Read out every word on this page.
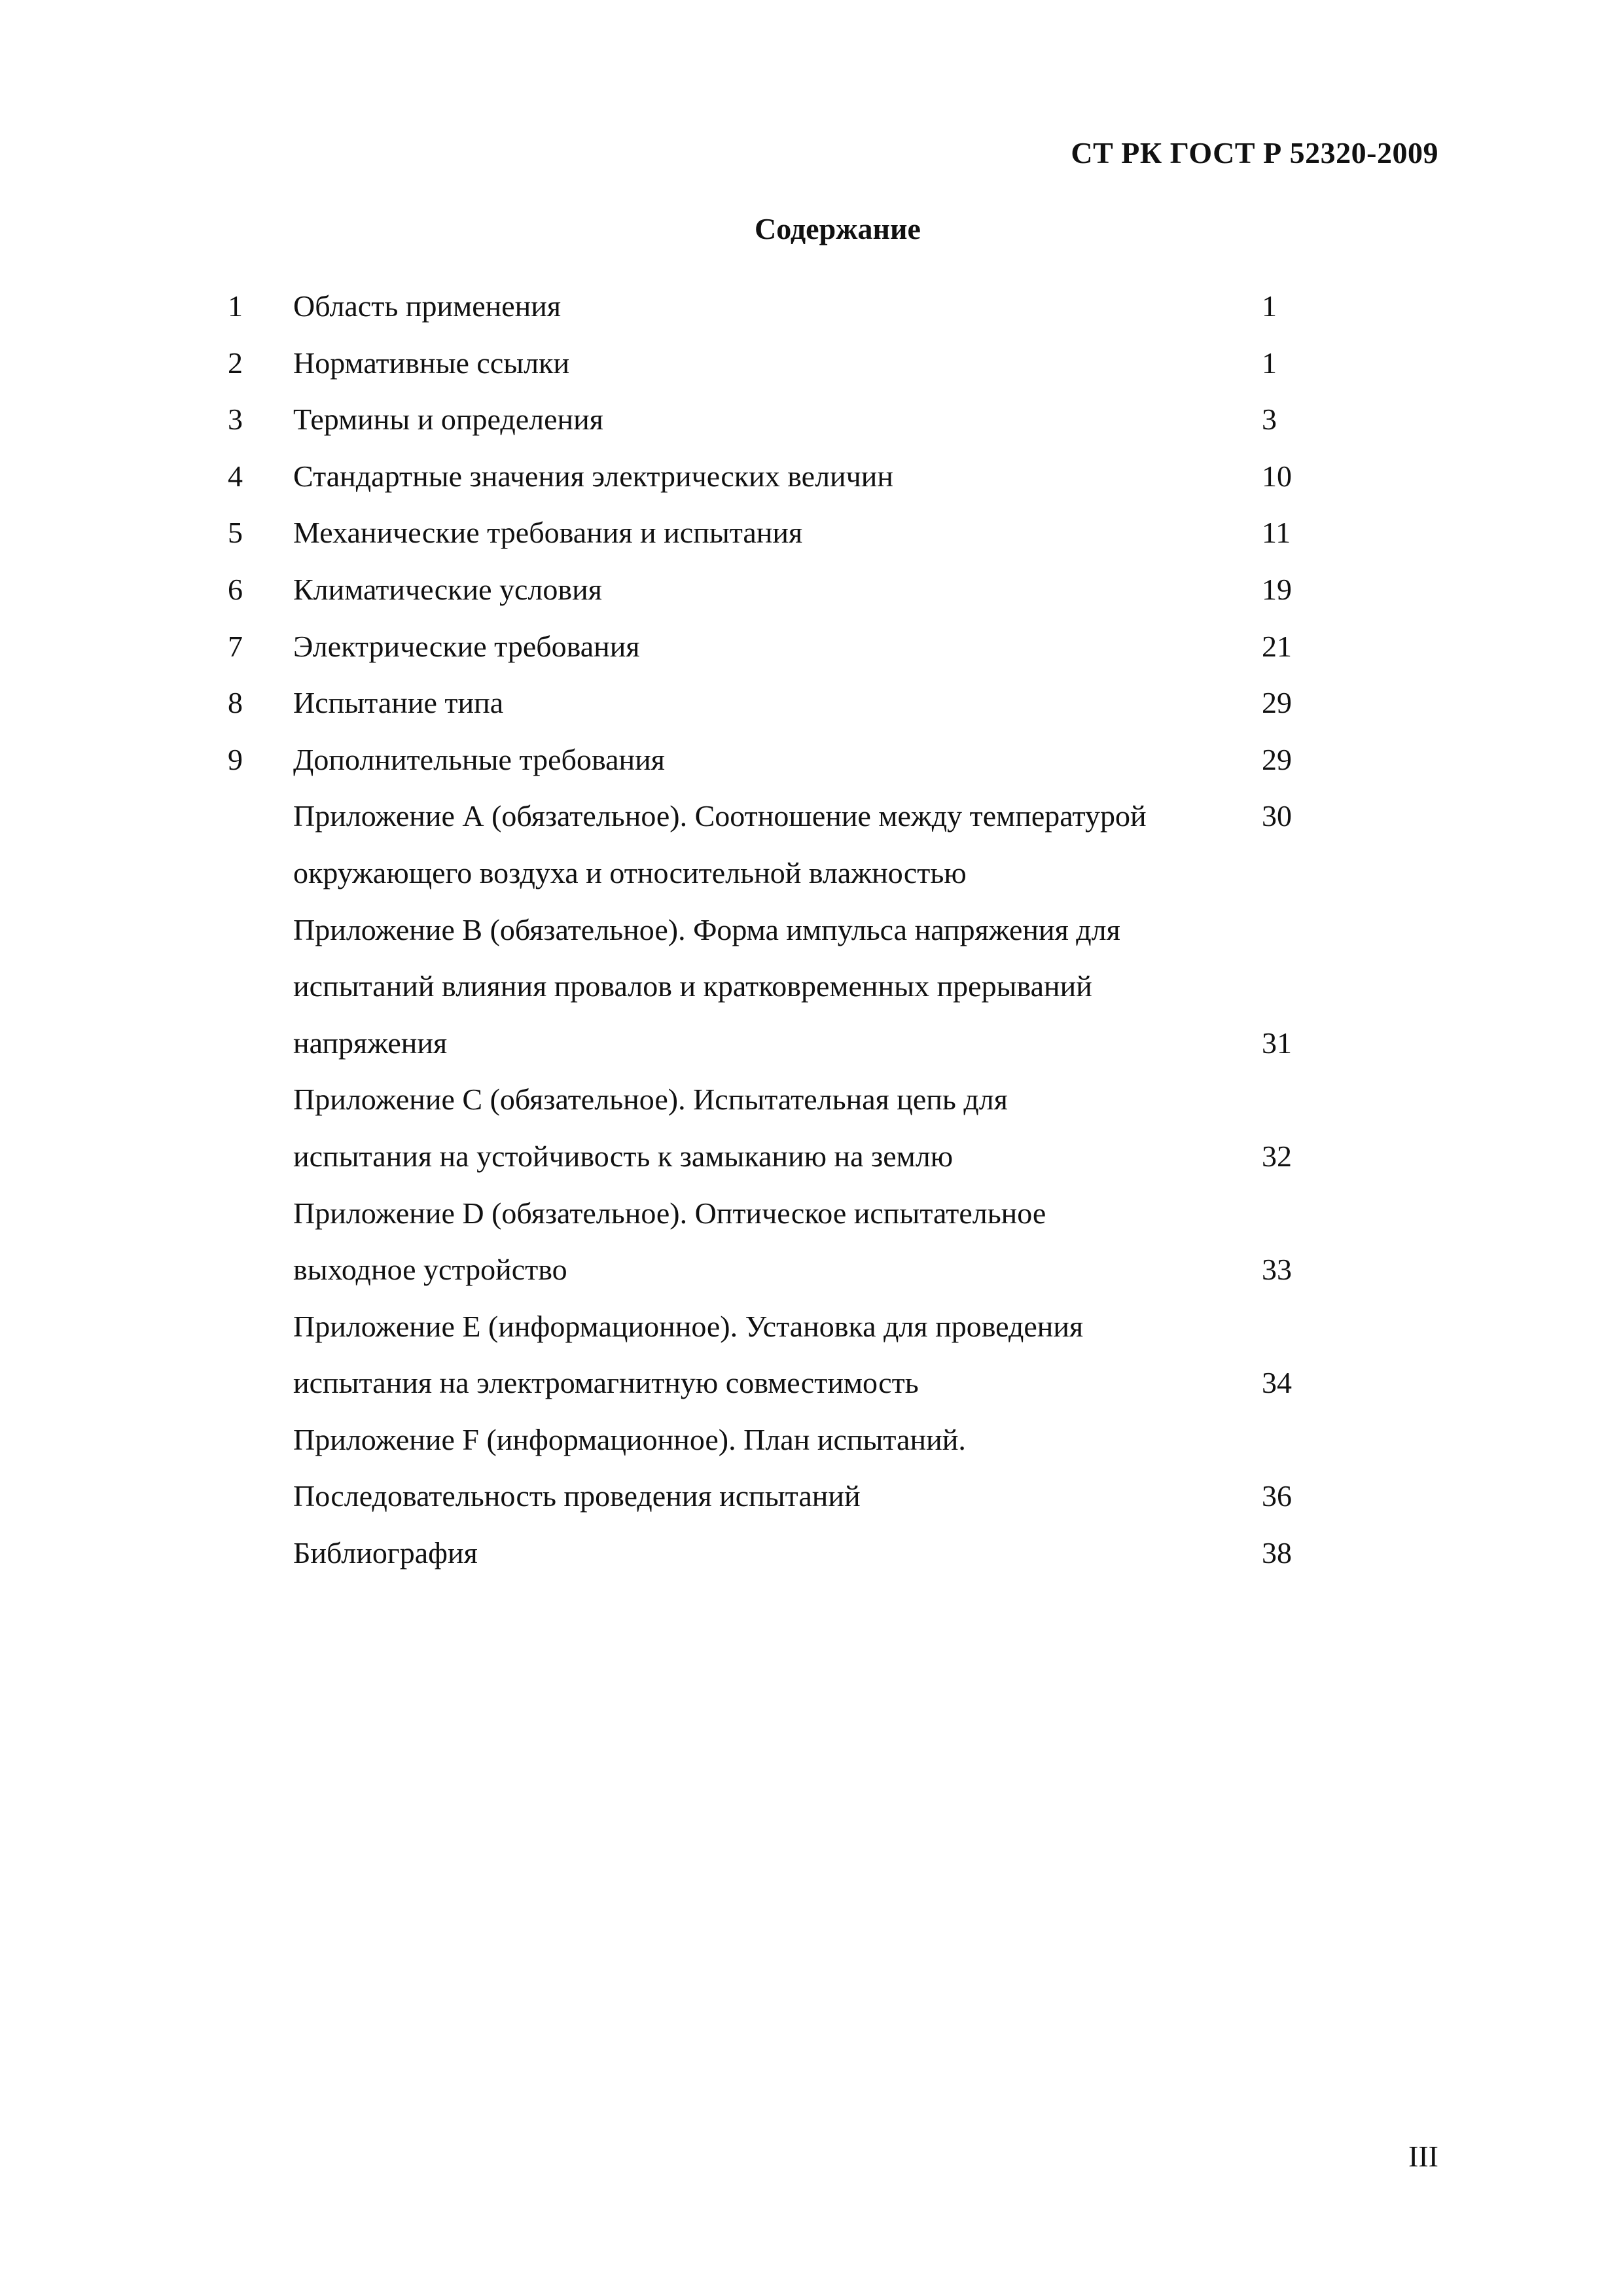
СТ РК ГОСТ Р 52320-2009
Содержание
1 Область применения	1
2 Нормативные ссылки	1
3 Термины и определения	3
4 Стандартные значения электрических величин	10
5 Механические требования и испытания	11
6 Климатические условия	19
7 Электрические требования	21
8 Испытание типа	29
9 Дополнительные требования	29
Приложение А (обязательное). Соотношение между температурой	30
окружающего воздуха и относительной влажностью
Приложение В (обязательное). Форма импульса напряжения для
испытаний влияния провалов и кратковременных прерываний
напряжения	31
Приложение С (обязательное). Испытательная цепь для
испытания на устойчивость к замыканию на землю	32
Приложение D (обязательное). Оптическое испытательное
выходное устройство	33
Приложение Е (информационное). Установка для проведения
испытания на электромагнитную совместимость	34
Приложение F (информационное). План испытаний.
Последовательность проведения испытаний	36
Библиография	38
III
